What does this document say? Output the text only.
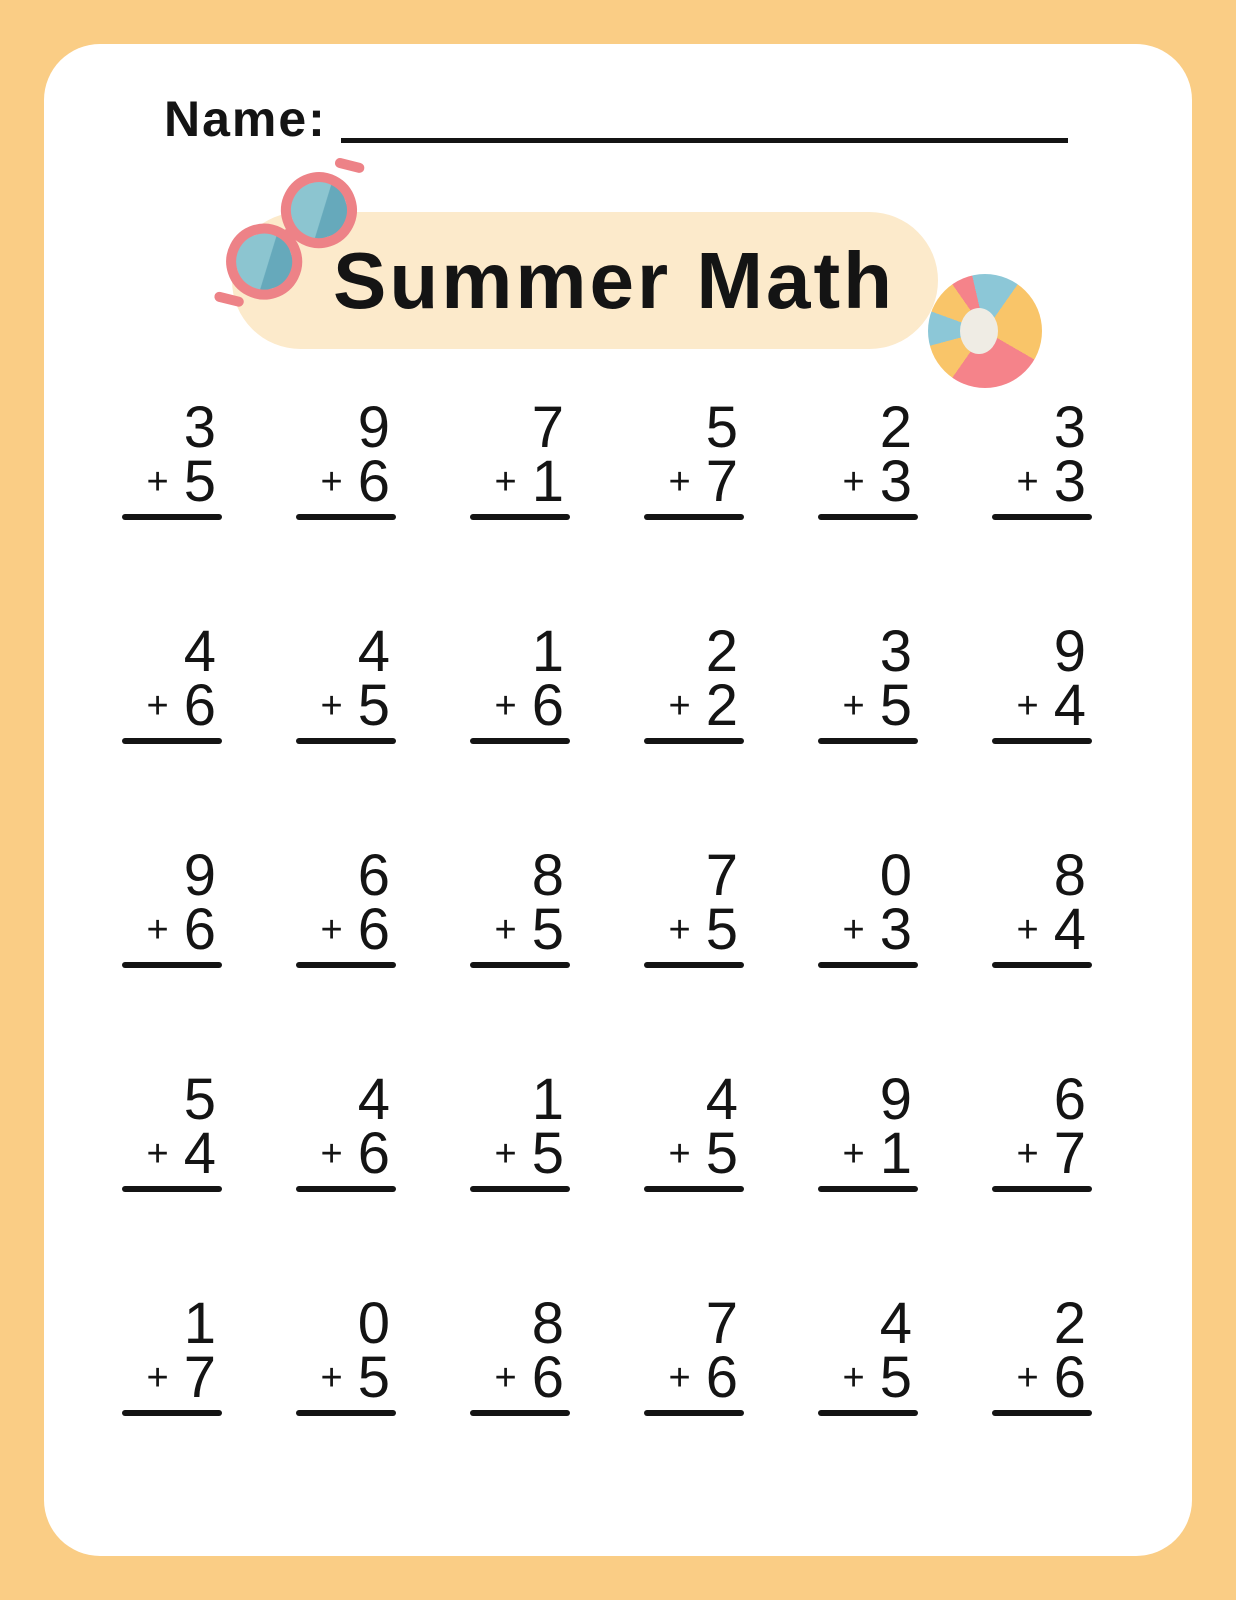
Name:
Summer Math
3
+ 5
9
+ 6
7
+ 1
5
+ 7
2
+ 3
3
+ 3
4
+ 6
4
+ 5
1
+ 6
2
+ 2
3
+ 5
9
+ 4
9
+ 6
6
+ 6
8
+ 5
7
+ 5
0
+ 3
8
+ 4
5
+ 4
4
+ 6
1
+ 5
4
+ 5
9
+ 1
6
+ 7
1
+ 7
0
+ 5
8
+ 6
7
+ 6
4
+ 5
2
+ 6
